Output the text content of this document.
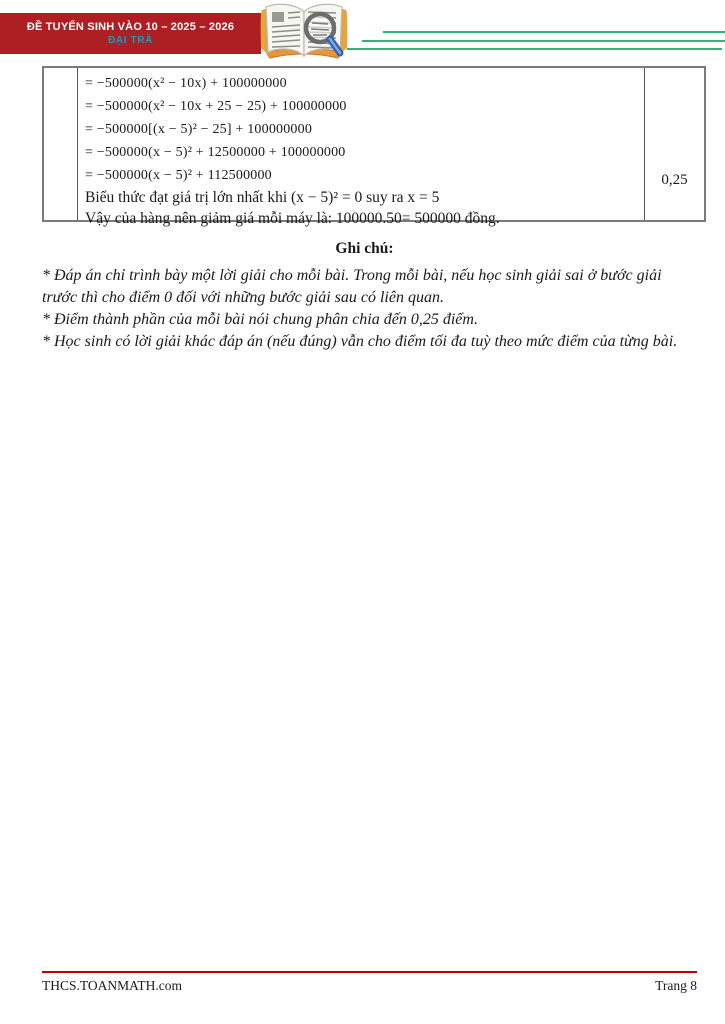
ĐỀ TUYỂN SINH VÀO 10 – 2025 – 2026
ĐẠI TRÀ
= −500000(x² − 10x) + 100000000
= −500000(x² − 10x + 25 − 25) + 100000000
= −500000[(x − 5)² − 25] + 100000000
= −500000(x − 5)² + 12500000 + 100000000
= −500000(x − 5)² + 112500000
Biểu thức đạt giá trị lớn nhất khi (x − 5)² = 0 suy ra x = 5
Vậy của hàng nên giảm giá mỗi máy là: 100000.50= 500000 đồng.
0,25
Ghi chú:
* Đáp án chỉ trình bày một lời giải cho mỗi bài. Trong mỗi bài, nếu học sinh giải sai ở bước giải trước thì cho điểm 0 đối với những bước giải sau có liên quan.
* Điểm thành phần của mỗi bài nói chung phân chia đến 0,25 điểm.
* Học sinh có lời giải khác đáp án (nếu đúng) vẫn cho điểm tối đa tuỳ theo mức điểm của từng bài.
THCS.TOANMATH.com	Trang 8
